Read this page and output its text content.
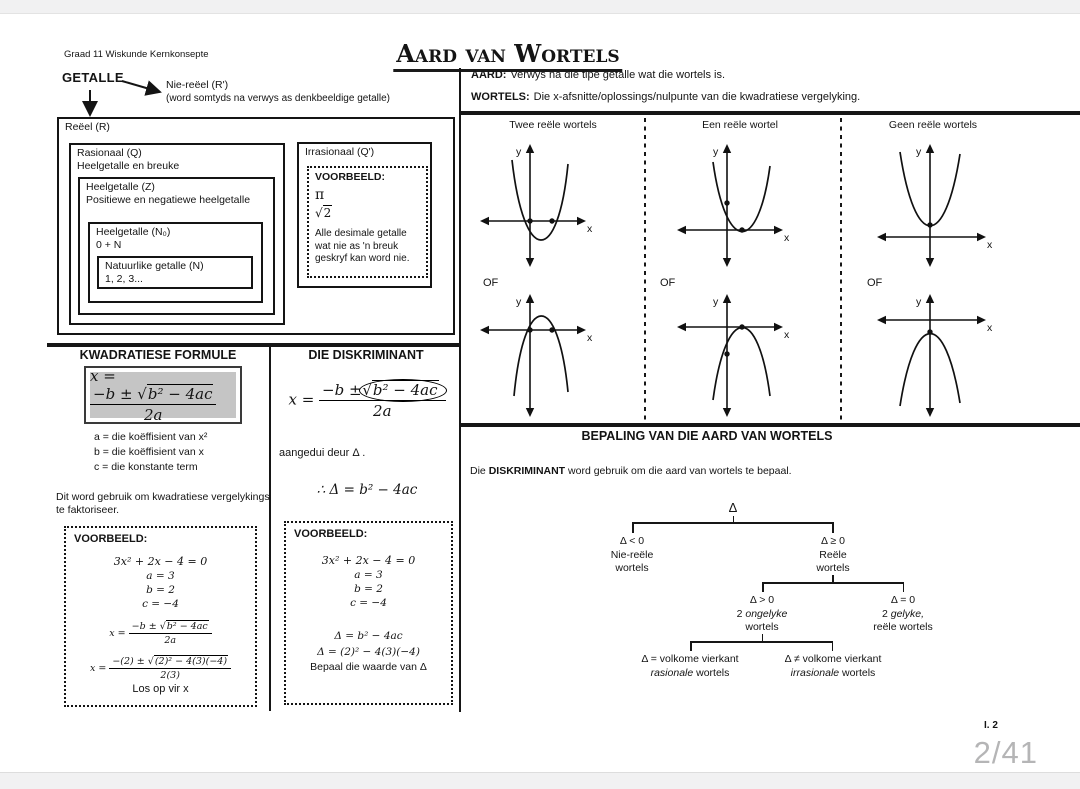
2/41
I. 2
Graad 11 Wiskunde Kernkonsepte	Aard van Wortels
GETALLE	Nie-reëel (R')
(word somtyds na verwys as denkbeeldige getalle)
Reëel (R)
Rasionaal (Q)
Heelgetalle en breuke
Heelgetalle (Z)
Positiewe en negatiewe heelgetalle
Heelgetalle (N₀)
0 + N
Natuurlike getalle (N)
1, 2, 3...
Irrasionaal (Q')
VOORBEELD:
π
√2
Alle desimale getalle wat nie as 'n breuk geskryf kan word nie.
AARD: Verwys na die tipe getalle wat die wortels is.
WORTELS: Die x-afsnitte/oplossings/nulpunte van die kwadratiese vergelyking.
Twee reële wortels
OF
x
y
x
y
Een reële wortel
OF
x
y
x
y
Geen reële wortels
OF
x
y
x
y
KWADRATIESE FORMULE
x =
$\frac{\text{−b ± √b² − 4ac}}{2a}$
a = die koëffisient van x²
b = die koëffisient van x
c = die konstante term
Dit word gebruik om kwadratiese vergelykings te faktoriseer.
VOORBEELD:
3x² + 2x − 4 = 0
a = 3
b = 2
c = −4
$x = \frac{\text{−b ± √b² − 4ac}}{2a}$
$x = \frac{\text{−(2) ± √(2)² − 4(3)(−4)}}{2(3)}$
Los op vir x
DIE DISKRIMINANT
$x = \frac{\text{−b ± √b² − 4ac}}{2a}$
aangedui deur Δ .
∴ Δ = b² − 4ac
VOORBEELD:
3x² + 2x − 4 = 0
a = 3
b = 2
c = −4
Δ = b² − 4ac
Δ = (2)² − 4(3)(−4)
Bepaal die waarde van Δ
BEPALING VAN DIE AARD VAN WORTELS
Die DISKRIMINANT word gebruik om die aard van wortels te bepaal.
Δ
Δ < 0
Nie-reële
wortels
Δ ≥ 0
Reële
wortels
Δ > 0
2 ongelyke
wortels
Δ = 0
2 gelyke,
reële wortels
Δ = volkome vierkant
rasionale wortels
Δ ≠ volkome vierkant
irrasionale wortels
